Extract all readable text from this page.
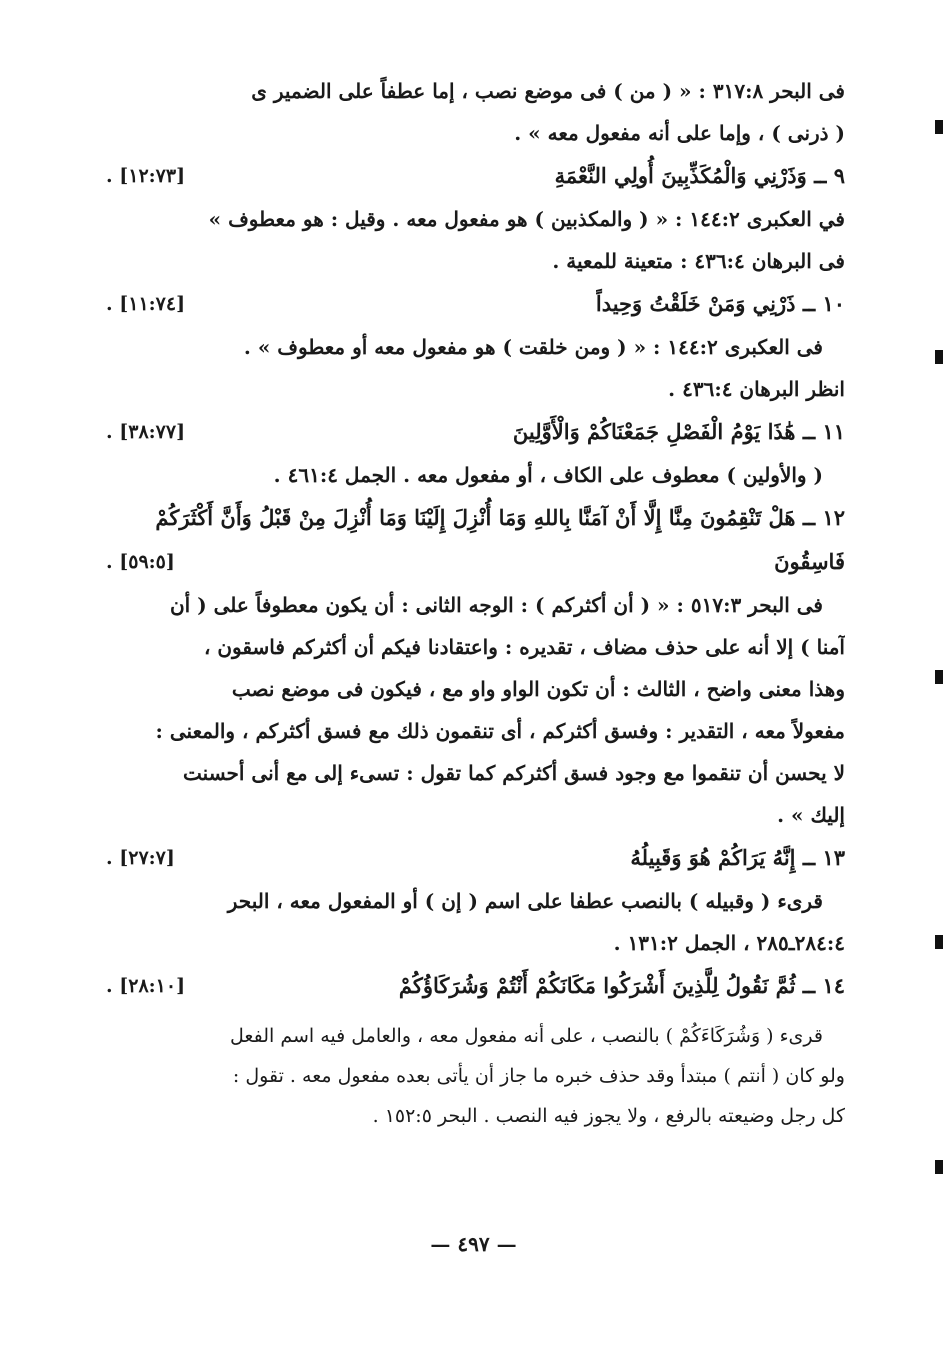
فى البحر ٣١٧:٨ : « ( من ) فى موضع نصب ، إما عطفاً على الضمير ى
( ذرنى ) ، وإما على أنه مفعول معه » .
٩ ــ وَذَرْنِي وَالْمُكَذِّبِينَ أُولِي النَّعْمَةِ
[١٢:٧٣] .
في العكبرى ١٤٤:٢ : « ( والمكذبين ) هو مفعول معه . وقيل : هو معطوف »
فى البرهان ٤٣٦:٤ : متعينة للمعية .
١٠ ــ ذَرْنِي وَمَنْ خَلَقْتُ وَحِيداً
[١١:٧٤] .
فى العكبرى ١٤٤:٢ : « ( ومن خلقت ) هو مفعول معه أو معطوف » .
انظر البرهان ٤٣٦:٤ .
١١ ــ هَٰذَا يَوْمُ الْفَصْلِ جَمَعْنَاكُمْ وَالْأَوَّلِينَ
[٣٨:٧٧] .
( والأولين ) معطوف على الكاف ، أو مفعول معه . الجمل ٤٦١:٤ .
١٢ ــ هَلْ تَنْقِمُونَ مِنَّا إِلَّا أَنْ آمَنَّا بِاللهِ وَمَا أُنْزِلَ إِلَيْنَا وَمَا أُنْزِلَ مِنْ قَبْلُ وَأَنَّ أَكْثَرَكُمْ
فَاسِقُونَ
[٥٩:٥] .
فى البحر ٥١٧:٣ : « ( أن أكثركم ) : الوجه الثانى : أن يكون معطوفاً على ( أن
آمنا ) إلا أنه على حذف مضاف ، تقديره : واعتقادنا فيكم أن أكثركم فاسقون ،
وهذا معنى واضح ، الثالث : أن تكون الواو واو مع ، فيكون فى موضع نصب
مفعولاً معه ، التقدير : وفسق أكثركم ، أى تنقمون ذلك مع فسق أكثركم ، والمعنى :
لا يحسن أن تنقموا مع وجود فسق أكثركم كما تقول : تسىء إلى مع أنى أحسنت
إليك » .
١٣ ــ إِنَّهُ يَرَاكُمْ هُوَ وَقَبِيلُهُ
[٢٧:٧] .
قرىء ( وقبيله ) بالنصب عطفا على اسم ( إن ) أو المفعول معه ، البحر
٢٨٤:٤ـ٢٨٥ ، الجمل ١٣١:٢ .
١٤ ــ ثُمَّ نَقُولُ لِلَّذِينَ أَشْرَكُوا مَكَانَكُمْ أَنْتُمْ وَشُرَكَاؤُكُمْ
[٢٨:١٠] .
قرىء ( وَشُرَكَاءَكُمْ ) بالنصب ، على أنه مفعول معه ، والعامل فيه اسم الفعل
ولو كان ( أنتم ) مبتدأ وقد حذف خبره ما جاز أن يأتى بعده مفعول معه . تقول :
كل رجل وضيعته بالرفع ، ولا يجوز فيه النصب . البحر ١٥٢:٥ .
— ٤٩٧ —
